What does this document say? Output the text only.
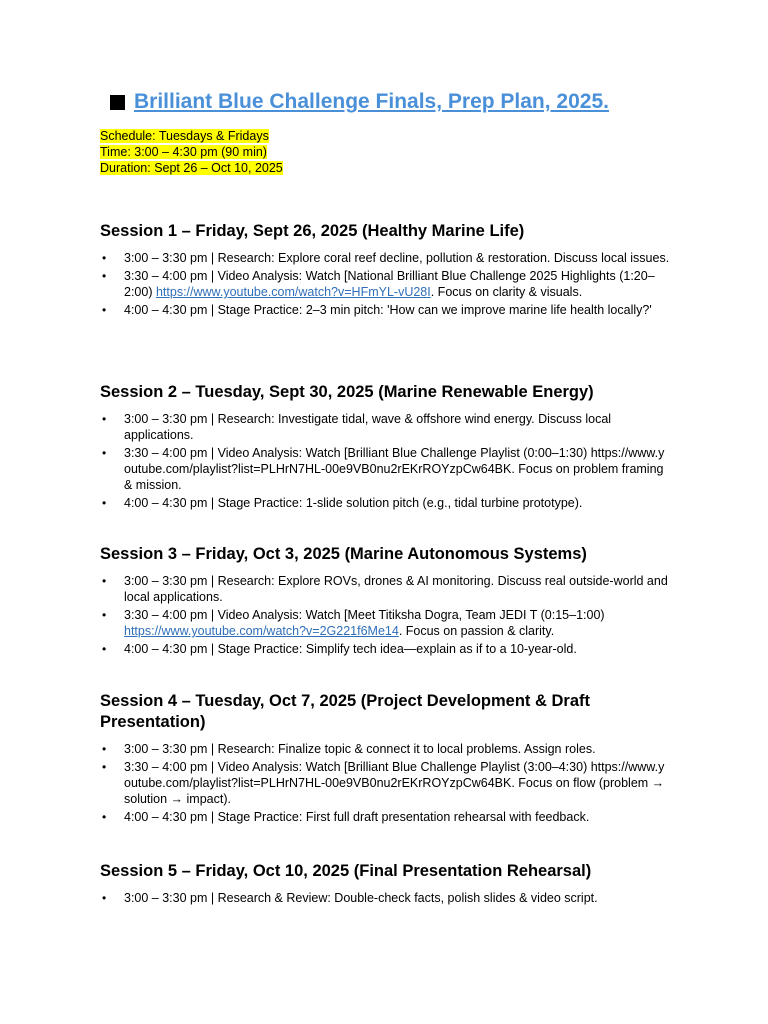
Brilliant Blue Challenge Finals, Prep Plan, 2025.
Schedule: Tuesdays & Fridays
Time: 3:00 – 4:30 pm (90 min)
Duration: Sept 26 – Oct 10, 2025
Session 1 – Friday, Sept 26, 2025 (Healthy Marine Life)
• 3:00 – 3:30 pm | Research: Explore coral reef decline, pollution & restoration. Discuss local issues.
• 3:30 – 4:00 pm | Video Analysis: Watch [National Brilliant Blue Challenge 2025 Highlights (1:20–2:00) https://www.youtube.com/watch?v=HFmYL-vU28I. Focus on clarity & visuals.
• 4:00 – 4:30 pm | Stage Practice: 2–3 min pitch: 'How can we improve marine life health locally?'
Session 2 – Tuesday, Sept 30, 2025 (Marine Renewable Energy)
• 3:00 – 3:30 pm | Research: Investigate tidal, wave & offshore wind energy. Discuss local applications.
• 3:30 – 4:00 pm | Video Analysis: Watch [Brilliant Blue Challenge Playlist (0:00–1:30) https://www.youtube.com/playlist?list=PLHrN7HL-00e9VB0nu2rEKrROYzpCw64BK. Focus on problem framing & mission.
• 4:00 – 4:30 pm | Stage Practice: 1-slide solution pitch (e.g., tidal turbine prototype).
Session 3 – Friday, Oct 3, 2025 (Marine Autonomous Systems)
• 3:00 – 3:30 pm | Research: Explore ROVs, drones & AI monitoring. Discuss real outside-world and local applications.
• 3:30 – 4:00 pm | Video Analysis: Watch [Meet Titiksha Dogra, Team JEDI T (0:15–1:00) https://www.youtube.com/watch?v=2G221f6Me14. Focus on passion & clarity.
• 4:00 – 4:30 pm | Stage Practice: Simplify tech idea—explain as if to a 10-year-old.
Session 4 – Tuesday, Oct 7, 2025 (Project Development & Draft Presentation)
• 3:00 – 3:30 pm | Research: Finalize topic & connect it to local problems. Assign roles.
• 3:30 – 4:00 pm | Video Analysis: Watch [Brilliant Blue Challenge Playlist (3:00–4:30) https://www.youtube.com/playlist?list=PLHrN7HL-00e9VB0nu2rEKrROYzpCw64BK. Focus on flow (problem → solution → impact).
• 4:00 – 4:30 pm | Stage Practice: First full draft presentation rehearsal with feedback.
Session 5 – Friday, Oct 10, 2025 (Final Presentation Rehearsal)
• 3:00 – 3:30 pm | Research & Review: Double-check facts, polish slides & video script.
